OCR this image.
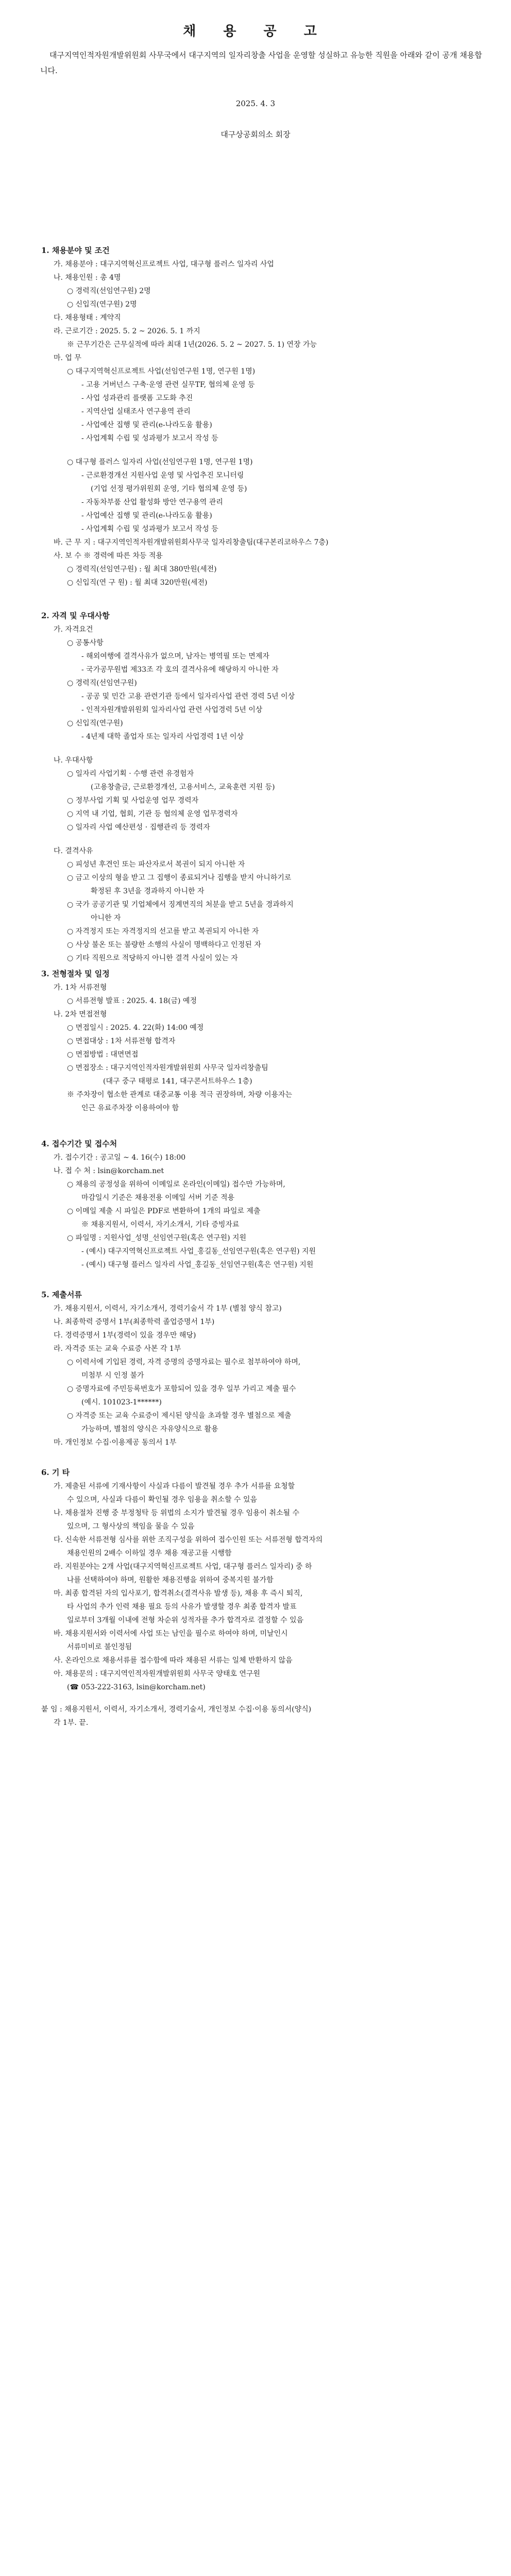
채 용 공 고
대구지역인적자원개발위원회 사무국에서 대구지역의 일자리창출 사업을 운영할 성실하고 유능한 직원을 아래와 같이 공개 채용합니다.
2025. 4. 3
대구상공회의소 회장
1. 채용분야 및 조건
가. 채용분야 : 대구지역혁신프로젝트 사업, 대구형 플러스 일자리 사업
나. 채용인원 : 총 4명
○ 경력직(선임연구원) 2명
○ 신입직(연구원) 2명
다. 채용형태 : 계약직
라. 근로기간 : 2025. 5. 2 ~ 2026. 5. 1 까지
※ 근무기간은 근무실적에 따라 최대 1년(2026. 5. 2 ~ 2027. 5. 1) 연장 가능
마. 업 무
○ 대구지역혁신프로젝트 사업(선임연구원 1명, 연구원 1명)
- 고용 거버넌스 구축·운영 관련 실무TF, 협의체 운영 등
- 사업 성과관리 플랫폼 고도화 추진
- 지역산업 실태조사 연구용역 관리
- 사업예산 집행 및 관리(e-나라도움 활용)
- 사업계획 수립 및 성과평가 보고서 작성 등
○ 대구형 플러스 일자리 사업(선임연구원 1명, 연구원 1명)
- 근로환경개선 지원사업 운영 및 사업추진 모니터링
(기업 선정 평가위원회 운영, 기타 협의체 운영 등)
- 자동차부품 산업 활성화 방안 연구용역 관리
- 사업예산 집행 및 관리(e-나라도움 활용)
- 사업계획 수립 및 성과평가 보고서 작성 등
바. 근 무 지 : 대구지역인적자원개발위원회사무국 일자리창출팀(대구본리코하우스 7층)
사. 보 수 ※ 경력에 따른 차등 적용
○ 경력직(선임연구원) : 월 최대 380만원(세전)
○ 신입직(연 구 원) : 월 최대 320만원(세전)
2. 자격 및 우대사항
가. 자격요건
○ 공통사항
- 해외여행에 결격사유가 없으며, 남자는 병역필 또는 면제자
- 국가공무원법 제33조 각 호의 결격사유에 해당하지 아니한 자
○ 경력직(선임연구원)
- 공공 및 민간 고용 관련기관 등에서 일자리사업 관련 경력 5년 이상
- 인적자원개발위원회 일자리사업 관련 사업경력 5년 이상
○ 신입직(연구원)
- 4년제 대학 졸업자 또는 일자리 사업경력 1년 이상
나. 우대사항
○ 일자리 사업기획 · 수행 관련 유경험자
(고용창출금, 근로환경개선, 고용서비스, 교육훈련 지원 등)
○ 정부사업 기획 및 사업운영 업무 경력자
○ 지역 내 기업, 협회, 기관 등 협의체 운영 업무경력자
○ 일자리 사업 예산편성 · 집행관리 등 경력자
다. 결격사유
○ 피성년 후견인 또는 파산자로서 복권이 되지 아니한 자
○ 금고 이상의 형을 받고 그 집행이 종료되거나 집행을 받지 아니하기로
확정된 후 3년을 경과하지 아니한 자
○ 국가 공공기관 및 기업체에서 징계면직의 처분을 받고 5년을 경과하지
아니한 자
○ 자격정지 또는 자격정지의 선고를 받고 복권되지 아니한 자
○ 사상 불온 또는 불량한 소행의 사실이 명백하다고 인정된 자
○ 기타 직원으로 적당하지 아니한 결격 사실이 있는 자
3. 전형절차 및 일정
가. 1차 서류전형
○ 서류전형 발표 : 2025. 4. 18(금) 예정
나. 2차 면접전형
○ 면접일시 : 2025. 4. 22(화) 14:00 예정
○ 면접대상 : 1차 서류전형 합격자
○ 면접방법 : 대면면접
○ 면접장소 : 대구지역인적자원개발위원회 사무국 일자리창출팀
(대구 중구 태평로 141, 대구콘서트하우스 1층)
※ 주차장이 협소한 관계로 대중교통 이용 적극 권장하며, 차량 이용자는
인근 유료주차장 이용하여야 함
4. 접수기간 및 접수처
가. 접수기간 : 공고일 ~ 4. 16(수) 18:00
나. 접 수 처 : lsin@korcham.net
○ 채용의 공정성을 위하여 이메일로 온라인(이메일) 접수만 가능하며,
마감일시 기준은 채용전용 이메일 서버 기준 적용
○ 이메일 제출 시 파일은 PDF로 변환하여 1개의 파일로 제출
※ 채용지원서, 이력서, 자기소개서, 기타 증빙자료
○ 파일명 : 지원사업_성명_선임연구원(혹은 연구원) 지원
- (예시) 대구지역혁신프로젝트 사업_홍길동_선임연구원(혹은 연구원) 지원
- (예시) 대구형 플러스 일자리 사업_홍길동_선임연구원(혹은 연구원) 지원
5. 제출서류
가. 채용지원서, 이력서, 자기소개서, 경력기술서 각 1부 (별첨 양식 참고)
나. 최종학력 증명서 1부(최종학력 졸업증명서 1부)
다. 경력증명서 1부(경력이 있을 경우만 해당)
라. 자격증 또는 교육 수료증 사본 각 1부
○ 이력서에 기입된 경력, 자격 증명의 증명자료는 필수로 첨부하여야 하며,
미첨부 시 인정 불가
○ 증명자료에 주민등록번호가 포함되어 있을 경우 일부 가리고 제출 필수
(예시. 101023-1******)
○ 자격증 또는 교육 수료증이 제시된 양식을 초과할 경우 별첨으로 제출
가능하며, 별첨의 양식은 자유양식으로 활용
마. 개인정보 수집·이용제공 동의서 1부
6. 기 타
가. 제출된 서류에 기재사항이 사실과 다름이 발견될 경우 추가 서류를 요청할
수 있으며, 사실과 다름이 확인될 경우 임용을 취소할 수 있음
나. 채용절차 진행 중 부정청탁 등 위법의 소지가 발견될 경우 임용이 취소될 수
있으며, 그 형사상의 책임을 물을 수 있음
다. 신속한 서류전형 심사를 위한 조직구성을 위하여 접수인원 또는 서류전형 합격자의
채용인원의 2배수 이하일 경우 채용 재공고를 시행함
라. 지원분야는 2개 사업(대구지역혁신프로젝트 사업, 대구형 플러스 일자리) 중 하
나를 선택하여야 하며, 원활한 채용진행을 위하여 중복지원 불가함
마. 최종 합격된 자의 입사포기, 합격취소(결격사유 발생 등), 채용 후 즉시 퇴직,
타 사업의 추가 인력 채용 필요 등의 사유가 발생할 경우 최종 합격자 발표
일로부터 3개월 이내에 전형 차순위 성적자를 추가 합격자로 결정할 수 있음
바. 채용지원서와 이력서에 사업 또는 남인을 필수로 하여야 하며, 미날인시
서류미비로 불인정됨
사. 온라인으로 채용서류를 접수함에 따라 채용된 서류는 일체 반환하지 않음
아. 채용문의 : 대구지역인적자원개발위원회 사무국 양태호 연구원
(☎ 053-222-3163, lsin@korcham.net)
붙 임 : 채용지원서, 이력서, 자기소개서, 경력기술서, 개인정보 수집·이용 동의서(양식)
각 1부. 끝.
